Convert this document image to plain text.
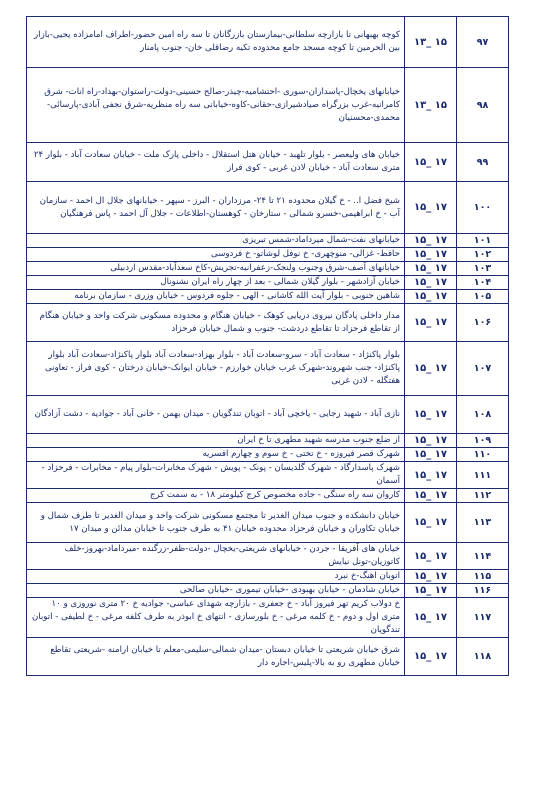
کوچه بهبهانی تا بازارچه سلطانی-بیمارستان بازرگانان تا سه راه امین حضور-اطراف امامزاده یحیی-بازار بین الحرمین تا کوچه مسجد جامع محدوده تکیه رضاقلی خان- جنوب پامنار	۱۳_ ۱۵	۹۷
خیابانهای یخچال-پاسداران-سوری -احتشامیه-چیذر-صالح حسینی-دولت-راستوان-بهداد-راه انات- شرق کامرانیه-غرب بزرگراه صیادشیرازی-حقانی-کاوه-خیابانی سه راه منظریه-شرق نجفی آبادی-پارسائی-محمدی-محسنیان	۱۳_ ۱۵	۹۸
خیابان های ولیعصر - بلوار تلهبد - خیابان هتل استقلال - داخلی پارک ملت - خیابان سعادت آباد - بلوار ۲۴ متری سعادت آباد - خیابان لادن غربی - کوی فراز	۱۵_ ۱۷	۹۹
شیخ فضل ا.. - خ گیلان محدوده ۲۱ تا ۲۴- مرزداران - البرز - سپهر - خیابانهای جلال ال احمد - سازمان آب - خ ابراهیمی-خسرو شمالی - ستارخان - کوهستان-اطلاعات - جلال آل احمد - پاس فرهنگیان	۱۵_ ۱۷	۱۰۰
خیابانهای نفت-شمال میرداماد-شمس تبریزی	۱۵_ ۱۷	۱۰۱
حافظ- غزالی- منوچهری- خ نوفل لوشاتو- خ فردوسی	۱۵_ ۱۷	۱۰۲
خیابانهای آصف-شرق وجنوب ولنجک-زعفرانیه-تجریش-کاخ سعدآباد-مقدس اردبیلی	۱۵_ ۱۷	۱۰۳
خیابان آزادشهر - بلوار گیلان شمالی - بعد از چهار راه ایران نشنونال	۱۵_ ۱۷	۱۰۴
شاهین جنوبی - بلوار آیت الله کاشانی - الهی - جلوه فردوس - خیابان وزری - سازمان برنامه	۱۵_ ۱۷	۱۰۵
مدار داخلی پادگان نیروی دریایی کوهک - خیابان هنگام و محدوده مسکونی شرکت واحد و خیابان هنگام از تقاطع فرحزاد تا تقاطع دردشت- جنوب و شمال خیابان فرحزاد	۱۵_ ۱۷	۱۰۶
بلوار پاکنژاد - سعادت آباد - سرو-سعادت آباد - بلوار بهزاد-سعادت آباد بلوار پاکنژاد-سعادت آباد بلوار پاکنژاد- جنب شهروند-شهرک غرب خیابان خوارزم - خیابان ایوانک-خیابان درختان - کوی فراز - تعاونی هفتگله - لادن غربی	۱۵_ ۱۷	۱۰۷
نازی آباد - شهید رجایی - یاخچی آباد - اتوبان تندگویان - میدان بهمن - خانی آباد - جوادیه - دشت آزادگان	۱۵_ ۱۷	۱۰۸
از ضلع جنوب مدرسه شهید مطهری تا خ ایران	۱۵_ ۱۷	۱۰۹
شهرک قصر فیروزه - خ تختی - خ سوم و چهارم افسریه	۱۵_ ۱۷	۱۱۰
شهرک پاسدارگاد - شهرک گلدیسان - پونک - پویش - شهرک مخابرات-بلوار پیام - مخابرات - فرحزاد - آسمان	۱۵_ ۱۷	۱۱۱
کاروان سه راه سنگی - جاده مخصوص کرج کیلومتر ۱۸ - به سمت کرج	۱۵_ ۱۷	۱۱۲
خیابان دانشکده و جنوب میدان الغدیر تا مجتمع مسکونی شرکت واحد و میدان الغدیر تا طرف شمال و خیابان تکاوران و خیابان فرحزاد محدوده خیابان ۴۱ به طرف جنوب تا خیابان مدائن و میدان ۱۷	۱۵_ ۱۷	۱۱۳
خیابان های آفریقا - جردن - خیابانهای شریعتی-یخچال -دولت-ظفر-زرگنده -میرداماد-بهروز-خلف کاتوزیان-تونل نیایش	۱۵_ ۱۷	۱۱۴
اتوبان اهنگ-خ نبرد	۱۵_ ۱۷	۱۱۵
خیابان شادمان - خیابان بهبودی -خیابان تیموری -خیابان صالحی	۱۵_ ۱۷	۱۱۶
خ دولاب کریم تهر فیروز آباد - خ جعفری - بازارچه شهدای عباسی- جوادیه خ ۲۰ متری نوروزی و ۱۰ متری اول و دوم - خ کلمه مرغی - خ بلورسازی - انتهای خ ابوذر به طرف کلفه مرغی - خ لطیفی - اتوبان تندگویان	۱۵_ ۱۷	۱۱۷
شرق خیابان شریعتی تا خیابان دبستان -میدان شمالی-سلیمی-معلم تا خیابان ارامنه -شریعتی تقاطع خیابان مطهری رو به بالا-پلیس-اجاره دار	۱۵_ ۱۷	۱۱۸
